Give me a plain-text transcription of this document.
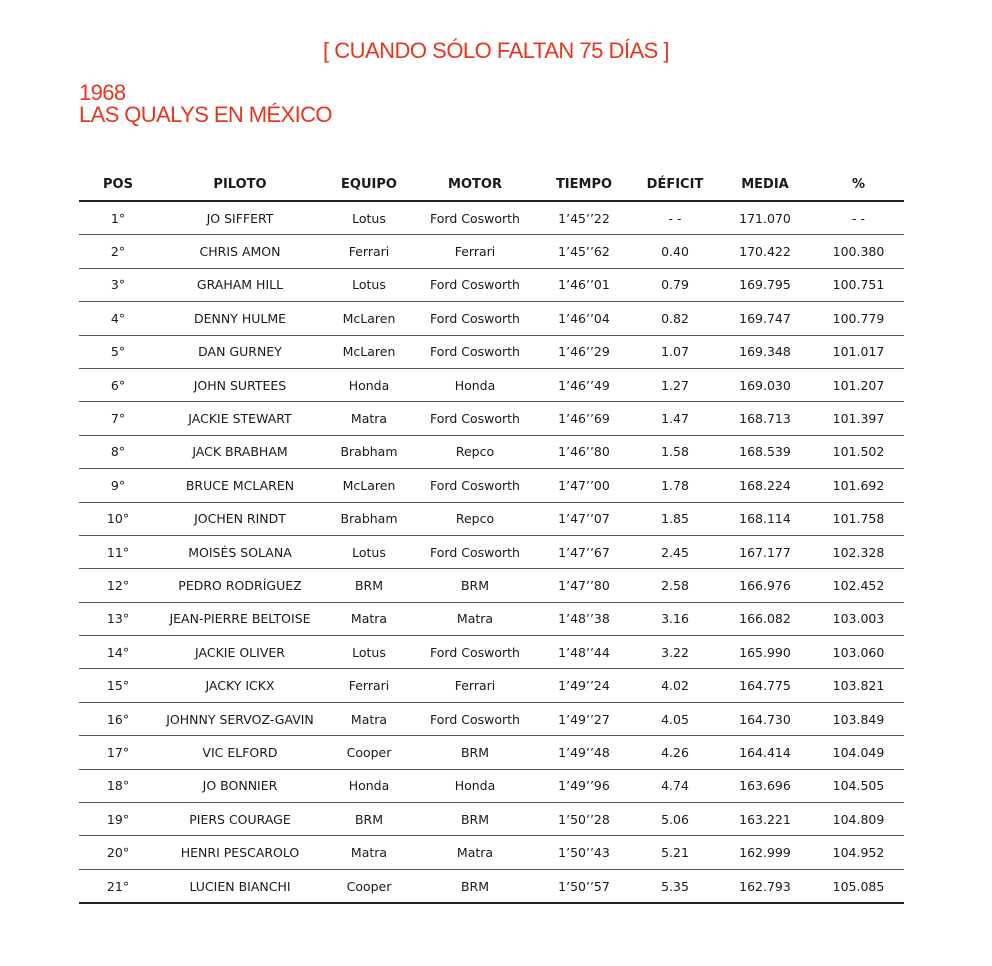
[ CUANDO SÓLO FALTAN 75 DÍAS ]
1968
LAS QUALYS EN MÉXICO
POS	PILOTO	EQUIPO	MOTOR	TIEMPO	DÉFICIT	MEDIA	%
1°	JO SIFFERT	Lotus	Ford Cosworth	1’45’’22	- -	171.070	- -
2°	CHRIS AMON	Ferrari	Ferrari	1’45’’62	0.40	170.422	100.380
3°	GRAHAM HILL	Lotus	Ford Cosworth	1’46’’01	0.79	169.795	100.751
4°	DENNY HULME	McLaren	Ford Cosworth	1’46’’04	0.82	169.747	100.779
5°	DAN GURNEY	McLaren	Ford Cosworth	1’46’’29	1.07	169.348	101.017
6°	JOHN SURTEES	Honda	Honda	1’46’’49	1.27	169.030	101.207
7°	JACKIE STEWART	Matra	Ford Cosworth	1’46’’69	1.47	168.713	101.397
8°	JACK BRABHAM	Brabham	Repco	1’46’’80	1.58	168.539	101.502
9°	BRUCE MCLAREN	McLaren	Ford Cosworth	1’47’’00	1.78	168.224	101.692
10°	JOCHEN RINDT	Brabham	Repco	1’47’’07	1.85	168.114	101.758
11°	MOISÉS SOLANA	Lotus	Ford Cosworth	1’47’’67	2.45	167.177	102.328
12°	PEDRO RODRÍGUEZ	BRM	BRM	1’47’’80	2.58	166.976	102.452
13°	JEAN-PIERRE BELTOISE	Matra	Matra	1’48’’38	3.16	166.082	103.003
14°	JACKIE OLIVER	Lotus	Ford Cosworth	1’48’’44	3.22	165.990	103.060
15°	JACKY ICKX	Ferrari	Ferrari	1’49’’24	4.02	164.775	103.821
16°	JOHNNY SERVOZ-GAVIN	Matra	Ford Cosworth	1’49’’27	4.05	164.730	103.849
17°	VIC ELFORD	Cooper	BRM	1’49’’48	4.26	164.414	104.049
18°	JO BONNIER	Honda	Honda	1’49’’96	4.74	163.696	104.505
19°	PIERS COURAGE	BRM	BRM	1’50’’28	5.06	163.221	104.809
20°	HENRI PESCAROLO	Matra	Matra	1’50’’43	5.21	162.999	104.952
21°	LUCIEN BIANCHI	Cooper	BRM	1’50’’57	5.35	162.793	105.085
